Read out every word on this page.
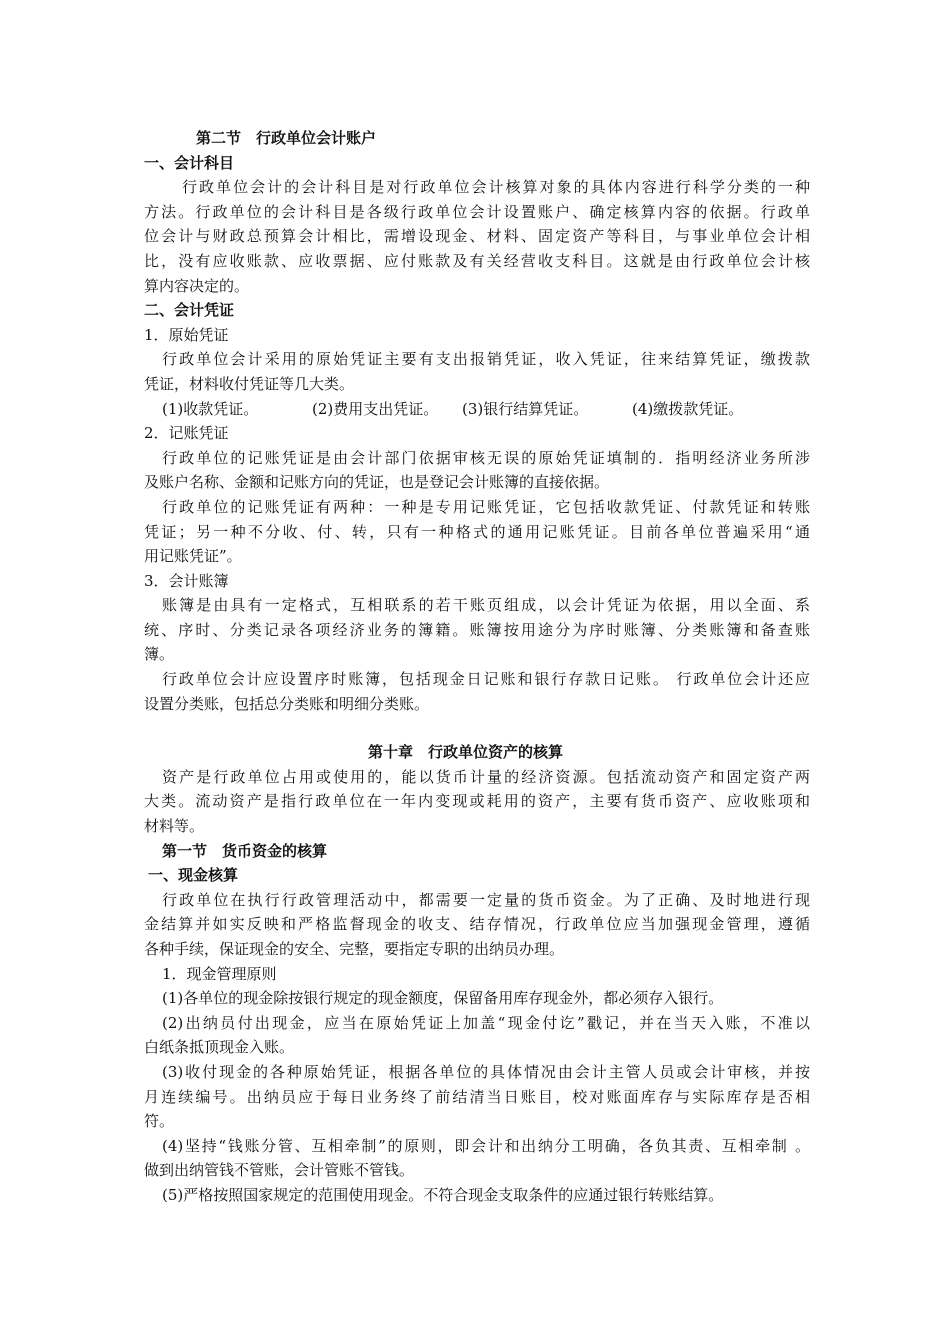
第二节　行政单位会计账户
一、会计科目
行政单位会计的会计科目是对行政单位会计核算对象的具体内容进行科学分类的一种
方法。行政单位的会计科目是各级行政单位会计设置账户、确定核算内容的依据。行政单
位会计与财政总预算会计相比，需增设现金、材料、固定资产等科目，与事业单位会计相
比，没有应收账款、应收票据、应付账款及有关经营收支科目。这就是由行政单位会计核
算内容决定的。
二、会计凭证
1．原始凭证
行政单位会计采用的原始凭证主要有支出报销凭证，收入凭证，往来结算凭证，缴拨款
凭证，材料收付凭证等几大类。
(1)收款凭证。	(2)费用支出凭证。	(3)银行结算凭证。	(4)缴拨款凭证。
2．记账凭证
行政单位的记账凭证是由会计部门依据审核无误的原始凭证填制的．指明经济业务所涉
及账户名称、金额和记账方向的凭证，也是登记会计账簿的直接依据。
行政单位的记账凭证有两种：一种是专用记账凭证，它包括收款凭证、付款凭证和转账
凭证；另一种不分收、付、转，只有一种格式的通用记账凭证。目前各单位普遍采用“通
用记账凭证”。
3．会计账簿
账簿是由具有一定格式，互相联系的若干账页组成，以会计凭证为依据，用以全面、系
统、序时、分类记录各项经济业务的簿籍。账簿按用途分为序时账簿、分类账簿和备查账
簿。
行政单位会计应设置序时账簿，包括现金日记账和银行存款日记账。 行政单位会计还应
设置分类账，包括总分类账和明细分类账。
第十章　行政单位资产的核算
资产是行政单位占用或使用的，能以货币计量的经济资源。包括流动资产和固定资产两
大类。流动资产是指行政单位在一年内变现或耗用的资产，主要有货币资产、应收账项和
材料等。
第一节　货币资金的核算
一、现金核算
行政单位在执行行政管理活动中，都需要一定量的货币资金。为了正确、及时地进行现
金结算并如实反映和严格监督现金的收支、结存情况，行政单位应当加强现金管理，遵循
各种手续，保证现金的安全、完整，要指定专职的出纳员办理。
1．现金管理原则
(1)各单位的现金除按银行规定的现金额度，保留备用库存现金外，都必须存入银行。
(2)出纳员付出现金，应当在原始凭证上加盖“现金付讫”戳记，并在当天入账，不准以
白纸条抵顶现金入账。
(3)收付现金的各种原始凭证，根据各单位的具体情况由会计主管人员或会计审核，并按
月连续编号。出纳员应于每日业务终了前结清当日账目，校对账面库存与实际库存是否相
符。
(4)坚持“钱账分管、互相牵制”的原则，即会计和出纳分工明确，各负其责、互相牵制 。
做到出纳管钱不管账，会计管账不管钱。
(5)严格按照国家规定的范围使用现金。不符合现金支取条件的应通过银行转账结算。
